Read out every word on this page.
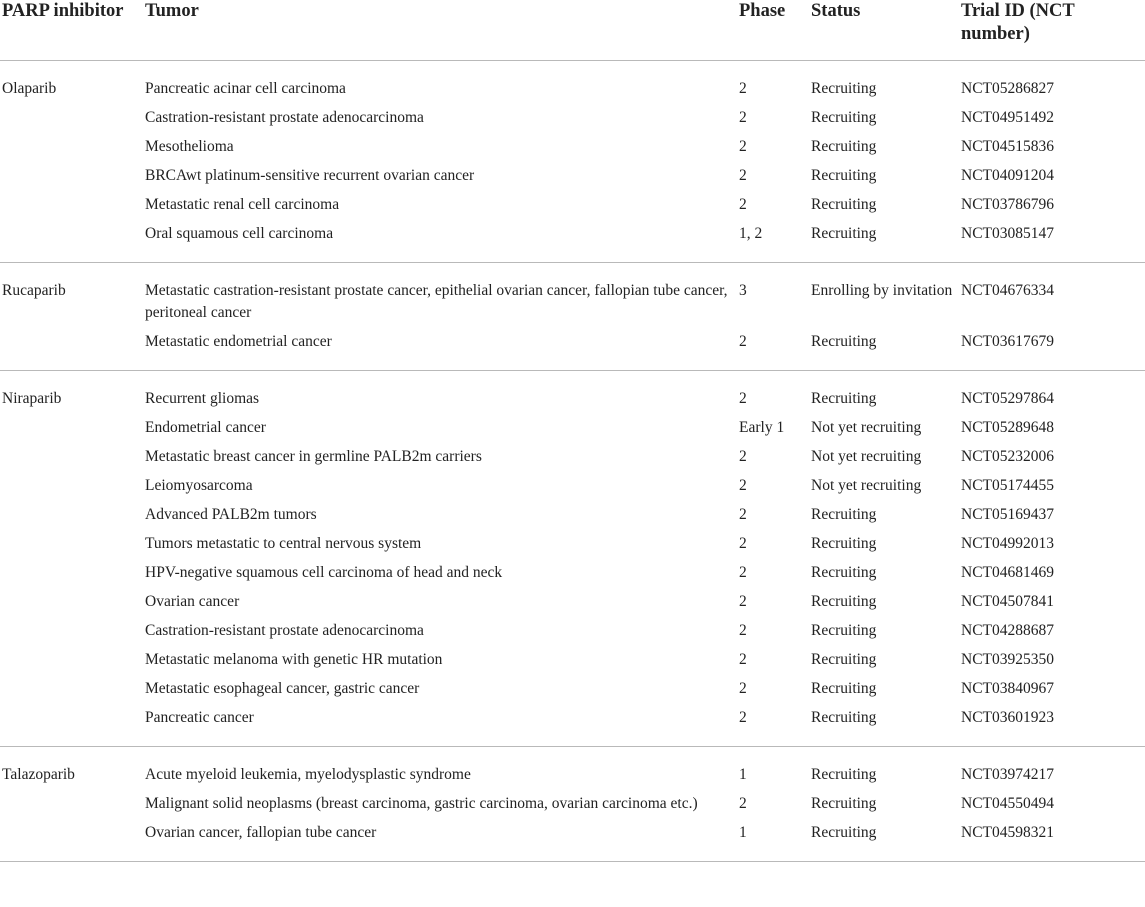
PARP inhibitor	Tumor	Phase	Status	Trial ID (NCT number)
Olaparib	Pancreatic acinar cell carcinoma	2	Recruiting	NCT05286827
	Castration-resistant prostate adenocarcinoma	2	Recruiting	NCT04951492
	Mesothelioma	2	Recruiting	NCT04515836
	BRCAwt platinum-sensitive recurrent ovarian cancer	2	Recruiting	NCT04091204
	Metastatic renal cell carcinoma	2	Recruiting	NCT03786796
	Oral squamous cell carcinoma	1, 2	Recruiting	NCT03085147
Rucaparib	Metastatic castration-resistant prostate cancer, epithelial ovarian cancer, fallopian tube cancer, peritoneal cancer	3	Enrolling by invitation	NCT04676334
	Metastatic endometrial cancer	2	Recruiting	NCT03617679
Niraparib	Recurrent gliomas	2	Recruiting	NCT05297864
	Endometrial cancer	Early 1	Not yet recruiting	NCT05289648
	Metastatic breast cancer in germline PALB2m carriers	2	Not yet recruiting	NCT05232006
	Leiomyosarcoma	2	Not yet recruiting	NCT05174455
	Advanced PALB2m tumors	2	Recruiting	NCT05169437
	Tumors metastatic to central nervous system	2	Recruiting	NCT04992013
	HPV-negative squamous cell carcinoma of head and neck	2	Recruiting	NCT04681469
	Ovarian cancer	2	Recruiting	NCT04507841
	Castration-resistant prostate adenocarcinoma	2	Recruiting	NCT04288687
	Metastatic melanoma with genetic HR mutation	2	Recruiting	NCT03925350
	Metastatic esophageal cancer, gastric cancer	2	Recruiting	NCT03840967
	Pancreatic cancer	2	Recruiting	NCT03601923
Talazoparib	Acute myeloid leukemia, myelodysplastic syndrome	1	Recruiting	NCT03974217
	Malignant solid neoplasms (breast carcinoma, gastric carcinoma, ovarian carcinoma etc.)	2	Recruiting	NCT04550494
	Ovarian cancer, fallopian tube cancer	1	Recruiting	NCT04598321
